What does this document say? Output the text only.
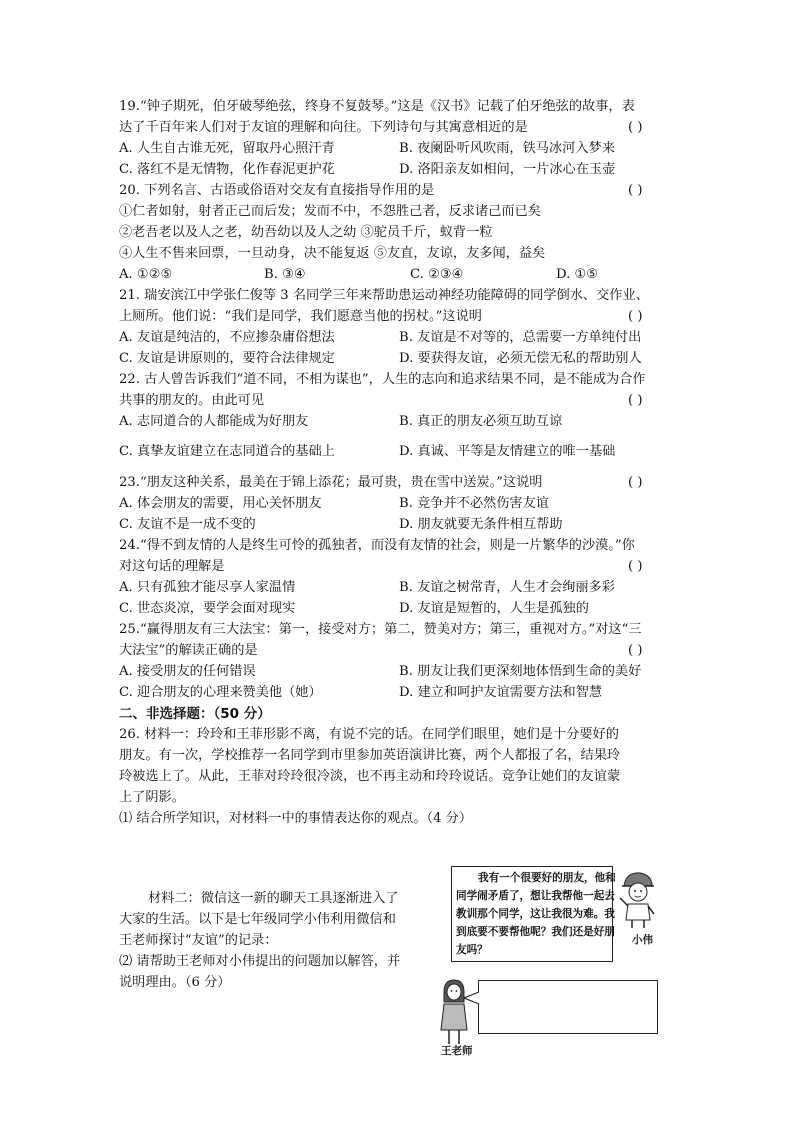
19.“钟子期死，伯牙破琴绝弦，终身不复鼓琴。”这是《汉书》记载了伯牙绝弦的故事，表
达了千百年来人们对于友谊的理解和向往。下列诗句与其寓意相近的是	( )
A. 人生自古谁无死，留取丹心照汗青	B. 夜阑卧听风吹雨，铁马冰河入梦来
C. 落红不是无情物，化作春泥更护花	D. 洛阳亲友如相问，一片冰心在玉壶
20. 下列名言、古语或俗语对交友有直接指导作用的是	( )
①仁者如射，射者正己而后发；发而不中，不怨胜己者，反求诸己而已矣
②老吾老以及人之老，幼吾幼以及人之幼 ③驼员千斤，蚁背一粒
④人生不售来回票，一旦动身，决不能复返 ⑤友直，友谅，友多闻，益矣
A. ①②⑤	B. ③④	C. ②③④	D. ①⑤
21. 瑞安滨江中学张仁俊等 3 名同学三年来帮助患运动神经功能障碍的同学倒水、交作业、
上厕所。他们说：“我们是同学，我们愿意当他的拐杖。”这说明	( )
A. 友谊是纯洁的，不应掺杂庸俗想法	B. 友谊是不对等的，总需要一方单纯付出
C. 友谊是讲原则的，要符合法律规定	D. 要获得友谊，必须无偿无私的帮助别人
22. 古人曾告诉我们“道不同，不相为谋也”，人生的志向和追求结果不同，是不能成为合作
共事的朋友的。由此可见	( )
A. 志同道合的人都能成为好朋友	B. 真正的朋友必须互助互谅
C. 真挚友谊建立在志同道合的基础上	D. 真诚、平等是友情建立的唯一基础
23.“朋友这种关系，最美在于锦上添花；最可贵，贵在雪中送炭。”这说明	( )
A. 体会朋友的需要，用心关怀朋友	B. 竞争并不必然伤害友谊
C. 友谊不是一成不变的	D. 朋友就要无条件相互帮助
24.“得不到友情的人是终生可怜的孤独者，而没有友情的社会，则是一片繁华的沙漠。”你
对这句话的理解是	( )
A. 只有孤独才能尽享人家温情	B. 友谊之树常青，人生才会绚丽多彩
C. 世态炎凉，要学会面对现实	D. 友谊是短暂的，人生是孤独的
25.“赢得朋友有三大法宝：第一，接受对方；第二，赞美对方；第三，重视对方。”对这“三
大法宝”的解读正确的是	( )
A. 接受朋友的任何错误	B. 朋友让我们更深刻地体悟到生命的美好
C. 迎合朋友的心理来赞美他（她）	D. 建立和呵护友谊需要方法和智慧
二、非选择题：（50 分）
26. 材料一：玲玲和王菲形影不离，有说不完的话。在同学们眼里，她们是十分要好的
朋友。有一次，学校推荐一名同学到市里参加英语演讲比赛，两个人都报了名，结果玲
玲被选上了。从此，王菲对玲玲很冷淡，也不再主动和玲玲说话。竞争让她们的友谊蒙
上了阴影。
⑴ 结合所学知识，对材料一中的事情表达你的观点。（4 分）
材料二：微信这一新的聊天工具逐渐进入了
大家的生活。以下是七年级同学小伟利用微信和
王老师探讨“友谊”的记录：
⑵ 请帮助王老师对小伟提出的问题加以解答，并
说明理由。（6 分）
我有一个很要好的朋友，他和
同学闹矛盾了，想让我帮他一起去
教训那个同学，这让我很为难。我
到底要不要帮他呢？我们还是好朋
友吗？
小伟
王老师
